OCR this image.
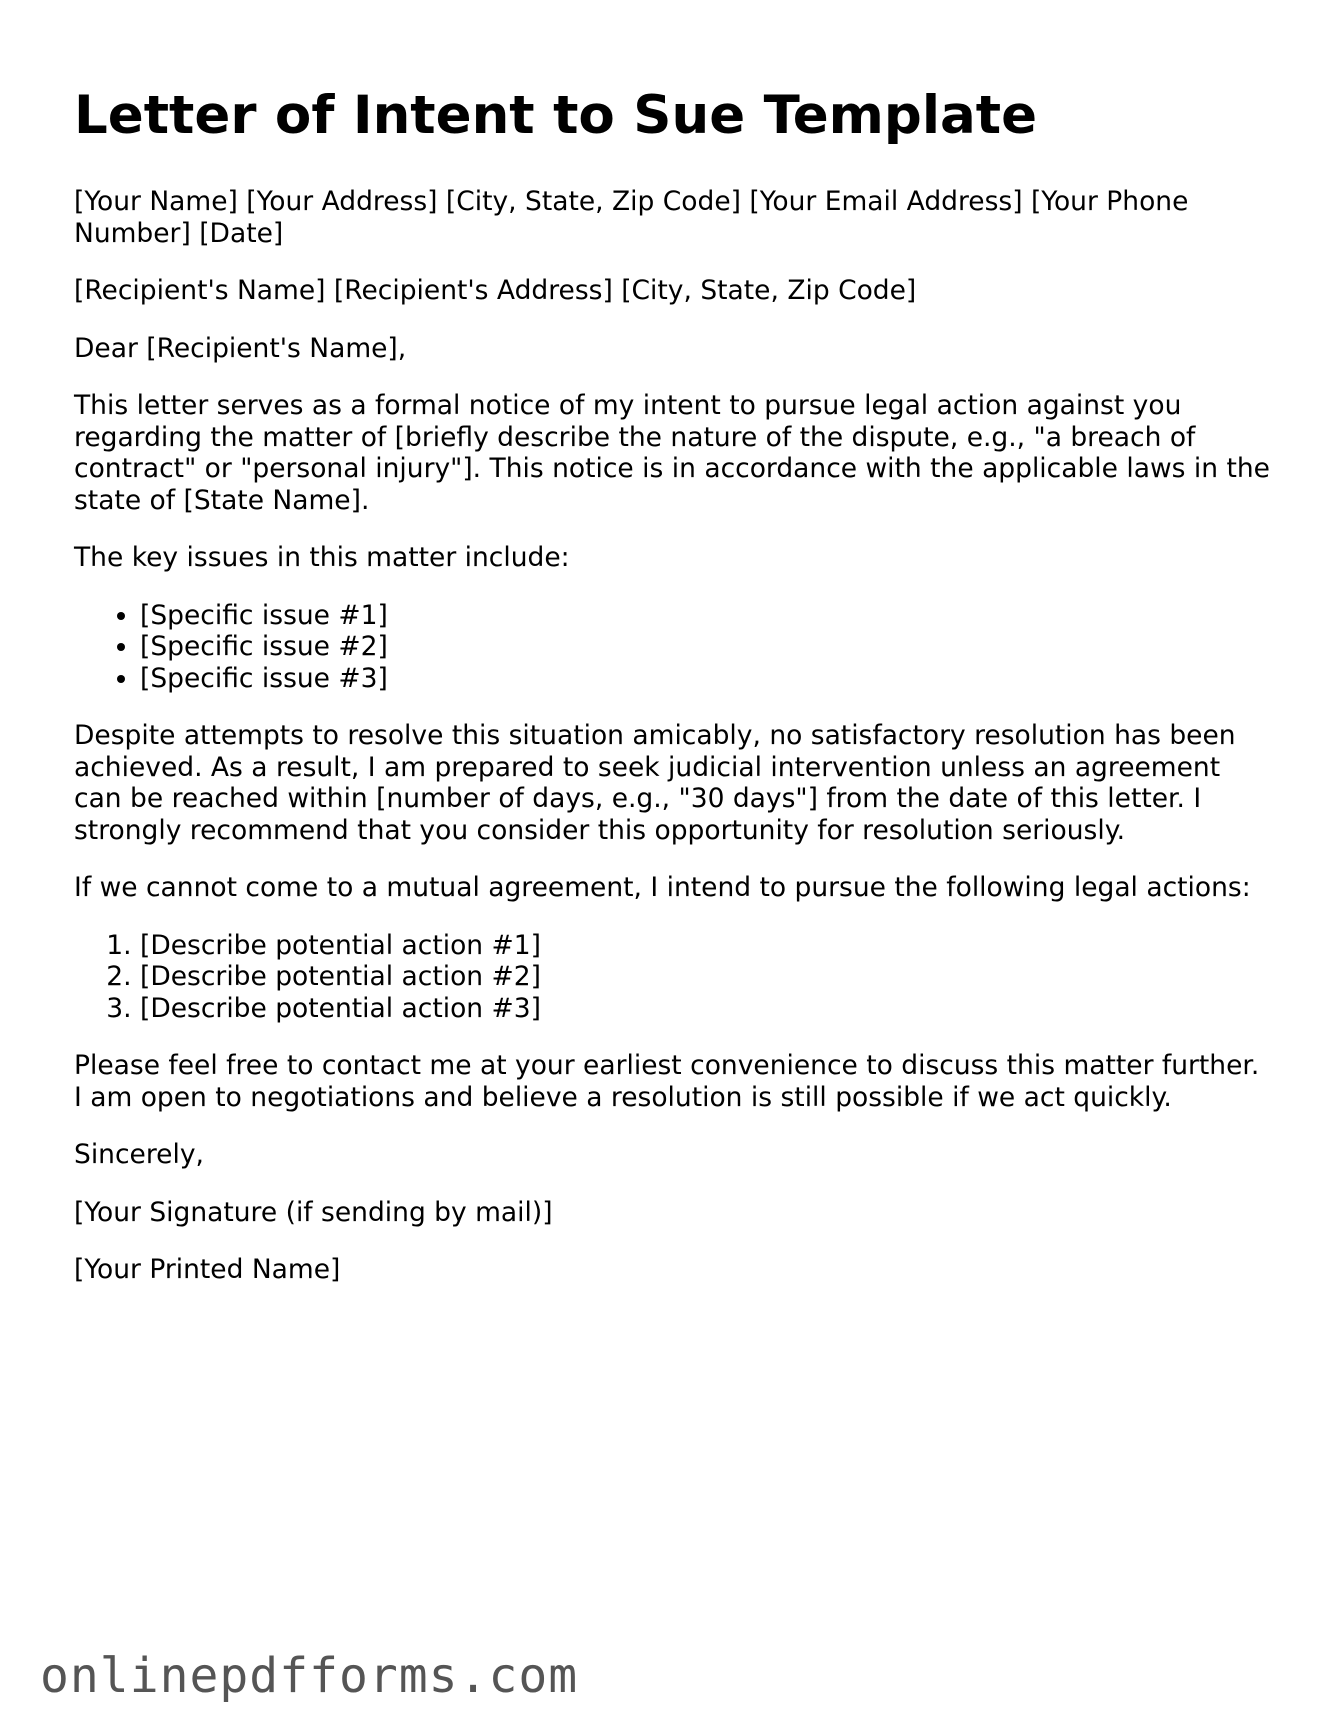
Letter of Intent to Sue Template

[Your Name] [Your Address] [City, State, Zip Code] [Your Email Address] [Your Phone Number] [Date]

[Recipient's Name] [Recipient's Address] [City, State, Zip Code]

Dear [Recipient's Name],

This letter serves as a formal notice of my intent to pursue legal action against you regarding the matter of [briefly describe the nature of the dispute, e.g., "a breach of contract" or "personal injury"]. This notice is in accordance with the applicable laws in the state of [State Name].

The key issues in this matter include:

• [Specific issue #1]
• [Specific issue #2]
• [Specific issue #3]

Despite attempts to resolve this situation amicably, no satisfactory resolution has been achieved. As a result, I am prepared to seek judicial intervention unless an agreement can be reached within [number of days, e.g., "30 days"] from the date of this letter. I strongly recommend that you consider this opportunity for resolution seriously.

If we cannot come to a mutual agreement, I intend to pursue the following legal actions:

1. [Describe potential action #1]
2. [Describe potential action #2]
3. [Describe potential action #3]

Please feel free to contact me at your earliest convenience to discuss this matter further. I am open to negotiations and believe a resolution is still possible if we act quickly.

Sincerely,

[Your Signature (if sending by mail)]

[Your Printed Name]

onlinepdfforms.com
